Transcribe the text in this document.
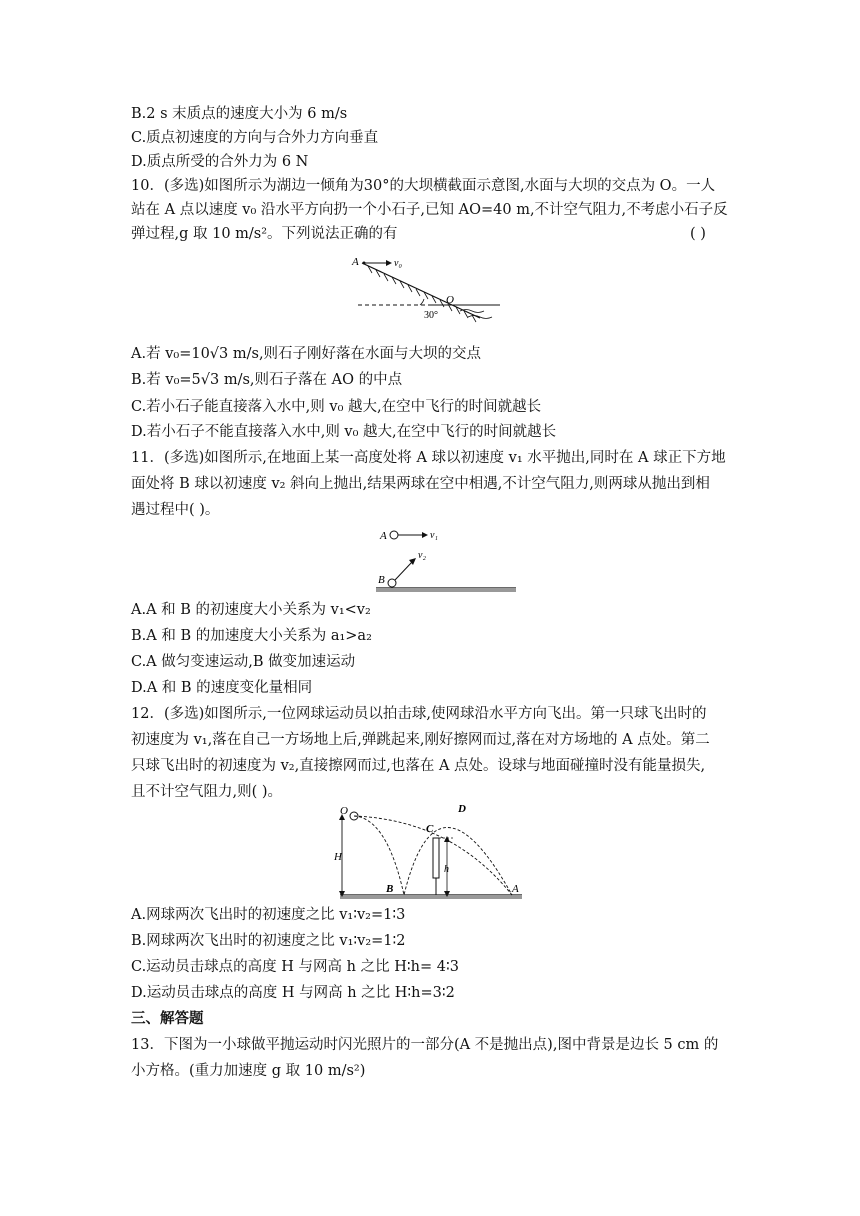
B.2 s 末质点的速度大小为 6 m/s
C.质点初速度的方向与合外力方向垂直
D.质点所受的合外力为 6 N
10．(多选)如图所示为湖边一倾角为30°的大坝横截面示意图,水面与大坝的交点为 O。一人
站在 A 点以速度 v₀ 沿水平方向扔一个小石子,已知 AO=40 m,不计空气阻力,不考虑小石子反
弹过程,g 取 10 m/s²。下列说法正确的有	( )
A	v₀
O
30°
A.若 v₀=10√3 m/s,则石子刚好落在水面与大坝的交点
B.若 v₀=5√3 m/s,则石子落在 AO 的中点
C.若小石子能直接落入水中,则 v₀ 越大,在空中飞行的时间就越长
D.若小石子不能直接落入水中,则 v₀ 越大,在空中飞行的时间就越长
11．(多选)如图所示,在地面上某一高度处将 A 球以初速度 v₁ 水平抛出,同时在 A 球正下方地
面处将 B 球以初速度 v₂ 斜向上抛出,结果两球在空中相遇,不计空气阻力,则两球从抛出到相
遇过程中( )。
A	v₁
v₂
B
A.A 和 B 的初速度大小关系为 v₁<v₂
B.A 和 B 的加速度大小关系为 a₁>a₂
C.A 做匀变速运动,B 做变加速运动
D.A 和 B 的速度变化量相同
12．(多选)如图所示,一位网球运动员以拍击球,使网球沿水平方向飞出。第一只球飞出时的
初速度为 v₁,落在自己一方场地上后,弹跳起来,刚好擦网而过,落在对方场地的 A 点处。第二
只球飞出时的初速度为 v₂,直接擦网而过,也落在 A 点处。设球与地面碰撞时没有能量损失,
且不计空气阻力,则( )。
H
O
h
C
D
B	A
A.网球两次飞出时的初速度之比 v₁∶v₂=1∶3
B.网球两次飞出时的初速度之比 v₁∶v₂=1∶2
C.运动员击球点的高度 H 与网高 h 之比 H∶h= 4∶3
D.运动员击球点的高度 H 与网高 h 之比 H∶h=3∶2
三、解答题
13．下图为一小球做平抛运动时闪光照片的一部分(A 不是抛出点),图中背景是边长 5 cm 的
小方格。(重力加速度 g 取 10 m/s²)
